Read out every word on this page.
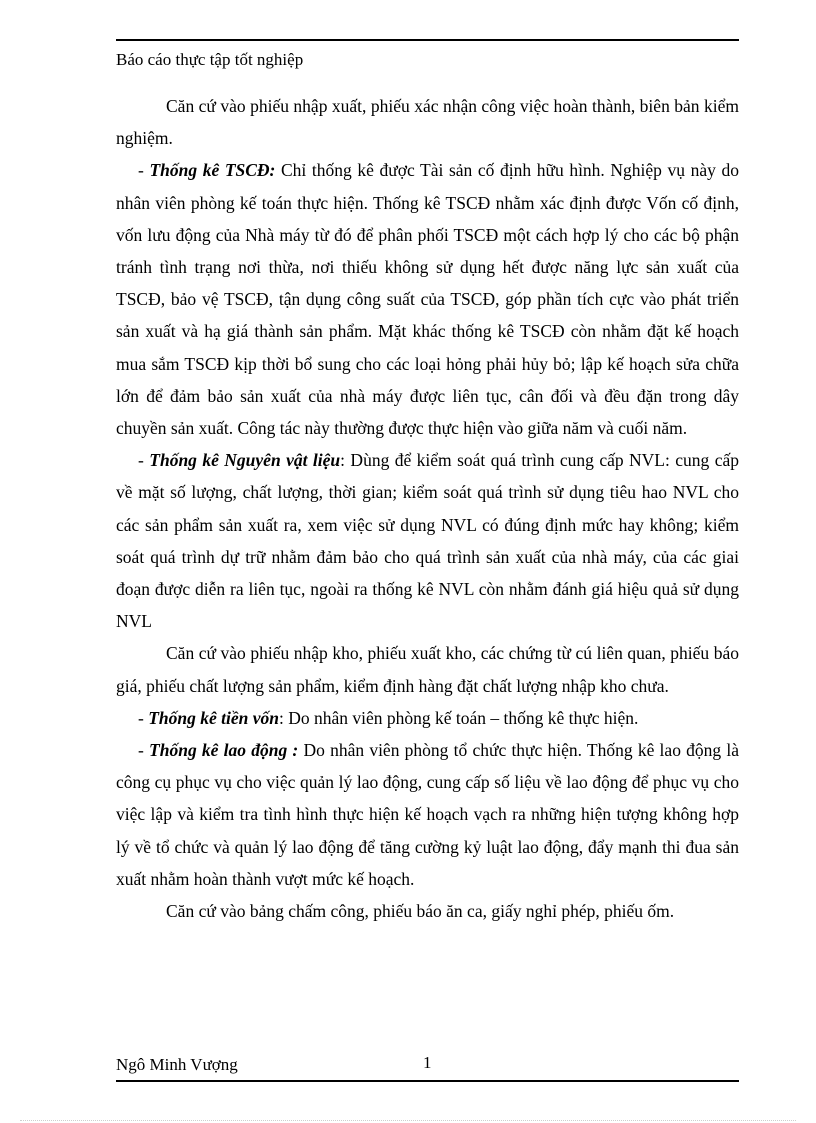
Báo cáo thực tập tốt nghiệp

Căn cứ vào phiếu nhập xuất, phiếu xác nhận công việc hoàn thành, biên bản kiểm nghiệm.

- Thống kê TSCĐ: Chỉ thống kê được Tài sản cố định hữu hình. Nghiệp vụ này do nhân viên phòng kế toán thực hiện. Thống kê TSCĐ nhằm xác định được Vốn cố định, vốn lưu động của Nhà máy từ đó để phân phối TSCĐ một cách hợp lý cho các bộ phận tránh tình trạng nơi thừa, nơi thiếu không sử dụng hết được năng lực sản xuất của TSCĐ, bảo vệ TSCĐ, tận dụng công suất của TSCĐ, góp phần tích cực vào phát triển sản xuất và hạ giá thành sản phẩm. Mặt khác thống kê TSCĐ còn nhằm đặt kế hoạch mua sắm TSCĐ kịp thời bổ sung cho các loại hỏng phải hủy bỏ; lập kế hoạch sửa chữa lớn để đảm bảo sản xuất của nhà máy được liên tục, cân đối và đều đặn trong dây chuyền sản xuất. Công tác này thường được thực hiện vào giữa năm và cuối năm.

- Thống kê Nguyên vật liệu: Dùng để kiểm soát quá trình cung cấp NVL: cung cấp về mặt số lượng, chất lượng, thời gian; kiểm soát quá trình sử dụng tiêu hao NVL cho các sản phẩm sản xuất ra, xem việc sử dụng NVL có đúng định mức hay không; kiểm soát quá trình dự trữ nhằm đảm bảo cho quá trình sản xuất của nhà máy, của các giai đoạn được diễn ra liên tục, ngoài ra thống kê NVL còn nhằm đánh giá hiệu quả sử dụng NVL

Căn cứ vào phiếu nhập kho, phiếu xuất kho, các chứng từ cú liên quan, phiếu báo giá, phiếu chất lượng sản phẩm, kiểm định hàng đặt chất lượng nhập kho chưa.

- Thống kê tiền vốn: Do nhân viên phòng kế toán – thống kê thực hiện.

- Thống kê lao động : Do nhân viên phòng tổ chức thực hiện. Thống kê lao động là công cụ phục vụ cho việc quản lý lao động, cung cấp số liệu về lao động để phục vụ cho việc lập và kiểm tra tình hình thực hiện kế hoạch vạch ra những hiện tượng không hợp lý về tổ chức và quản lý lao động để tăng cường kỷ luật lao động, đẩy mạnh thi đua sản xuất nhằm hoàn thành vượt mức kế hoạch.

Căn cứ vào bảng chấm công, phiếu báo ăn ca, giấy nghỉ phép, phiếu ốm.

Ngô Minh Vượng	1
